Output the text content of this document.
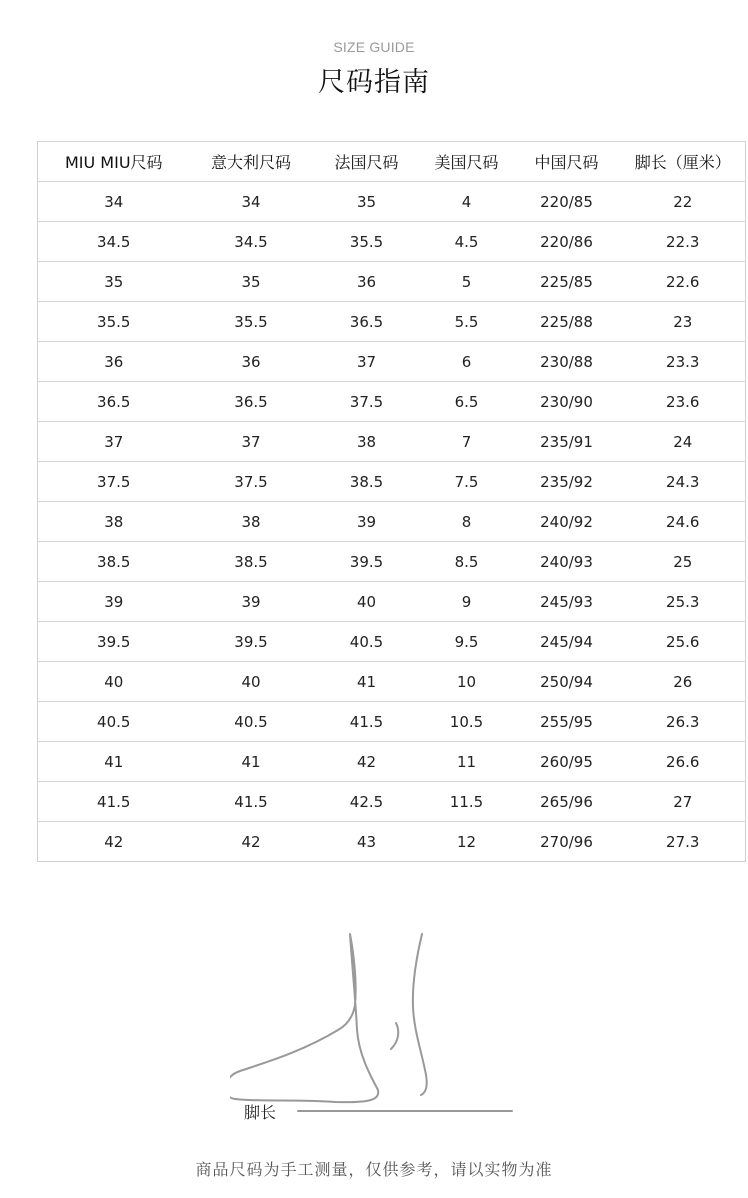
SIZE GUIDE
尺码指南
MIU MIU尺码	意大利尺码	法国尺码	美国尺码	中国尺码	脚长（厘米）
34	34	35	4	220/85	22
34.5	34.5	35.5	4.5	220/86	22.3
35	35	36	5	225/85	22.6
35.5	35.5	36.5	5.5	225/88	23
36	36	37	6	230/88	23.3
36.5	36.5	37.5	6.5	230/90	23.6
37	37	38	7	235/91	24
37.5	37.5	38.5	7.5	235/92	24.3
38	38	39	8	240/92	24.6
38.5	38.5	39.5	8.5	240/93	25
39	39	40	9	245/93	25.3
39.5	39.5	40.5	9.5	245/94	25.6
40	40	41	10	250/94	26
40.5	40.5	41.5	10.5	255/95	26.3
41	41	42	11	260/95	26.6
41.5	41.5	42.5	11.5	265/96	27
42	42	43	12	270/96	27.3
脚长
商品尺码为手工测量，仅供参考，请以实物为准
